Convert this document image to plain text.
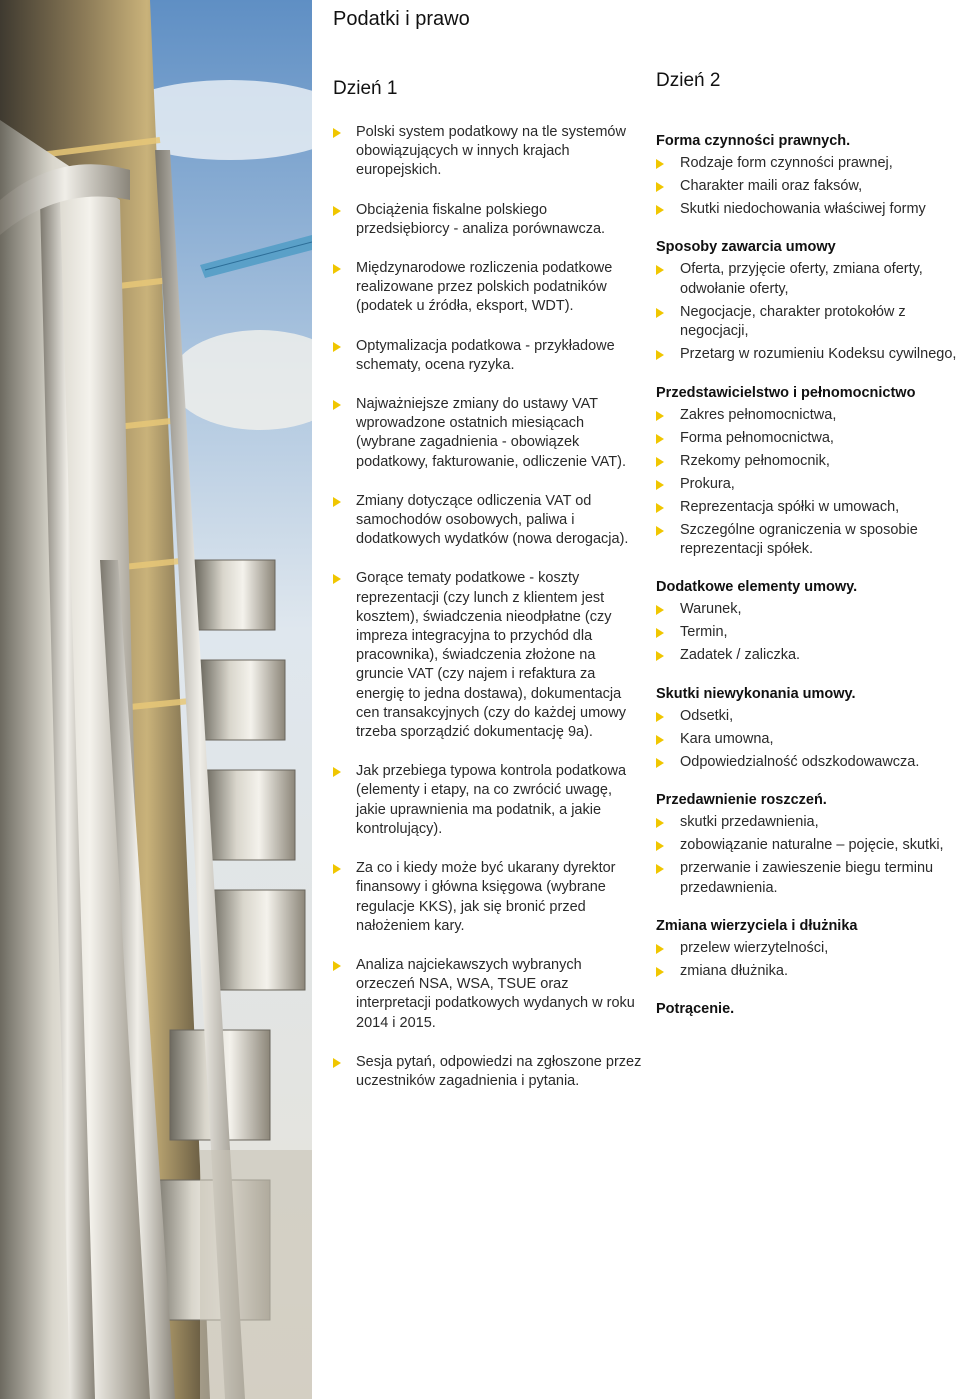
Podatki i prawo
Dzień 1	Dzień 2
Polski system podatkowy na tle systemów obowiązujących w innych krajach europejskich.
Obciążenia fiskalne polskiego przedsiębiorcy - analiza porównawcza.
Międzynarodowe rozliczenia podatkowe realizowane przez polskich podatników (podatek u źródła, eksport, WDT).
Optymalizacja podatkowa - przykładowe schematy, ocena ryzyka.
Najważniejsze zmiany do ustawy VAT wprowadzone ostatnich miesiącach (wybrane zagadnienia - obowiązek podatkowy, fakturowanie, odliczenie VAT).
Zmiany dotyczące odliczenia VAT od samochodów osobowych, paliwa i dodatkowych wydatków (nowa derogacja).
Gorące tematy podatkowe - koszty reprezentacji (czy lunch z klientem jest kosztem), świadczenia nieodpłatne (czy impreza integracyjna to przychód dla pracownika), świadczenia złożone na gruncie VAT (czy najem i refaktura za energię to jedna dostawa), dokumentacja cen transakcyjnych (czy do każdej umowy trzeba sporządzić dokumentację 9a).
Jak przebiega typowa kontrola podatkowa (elementy i etapy, na co zwrócić uwagę, jakie uprawnienia ma podatnik, a jakie kontrolujący).
Za co i kiedy może być ukarany dyrektor finansowy i główna księgowa (wybrane regulacje KKS), jak się bronić przed nałożeniem kary.
Analiza najciekawszych wybranych orzeczeń NSA, WSA, TSUE oraz interpretacji podatkowych wydanych w roku 2014 i 2015.
Sesja pytań, odpowiedzi na zgłoszone przez uczestników zagadnienia i pytania.
Forma czynności prawnych.
Rodzaje form czynności prawnej,
Charakter maili oraz faksów,
Skutki niedochowania właściwej formy
Sposoby zawarcia umowy
Oferta, przyjęcie oferty, zmiana oferty, odwołanie oferty,
Negocjacje, charakter protokołów z negocjacji,
Przetarg w rozumieniu Kodeksu cywilnego,
Przedstawicielstwo i pełnomocnictwo
Zakres pełnomocnictwa,
Forma pełnomocnictwa,
Rzekomy pełnomocnik,
Prokura,
Reprezentacja spółki w umowach,
Szczególne ograniczenia w sposobie reprezentacji spółek.
Dodatkowe elementy umowy.
Warunek,
Termin,
Zadatek / zaliczka.
Skutki niewykonania umowy.
Odsetki,
Kara umowna,
Odpowiedzialność odszkodowawcza.
Przedawnienie roszczeń.
skutki przedawnienia,
zobowiązanie naturalne – pojęcie, skutki,
przerwanie i zawieszenie biegu terminu przedawnienia.
Zmiana wierzyciela i dłużnika
przelew wierzytelności,
zmiana dłużnika.
Potrącenie.
